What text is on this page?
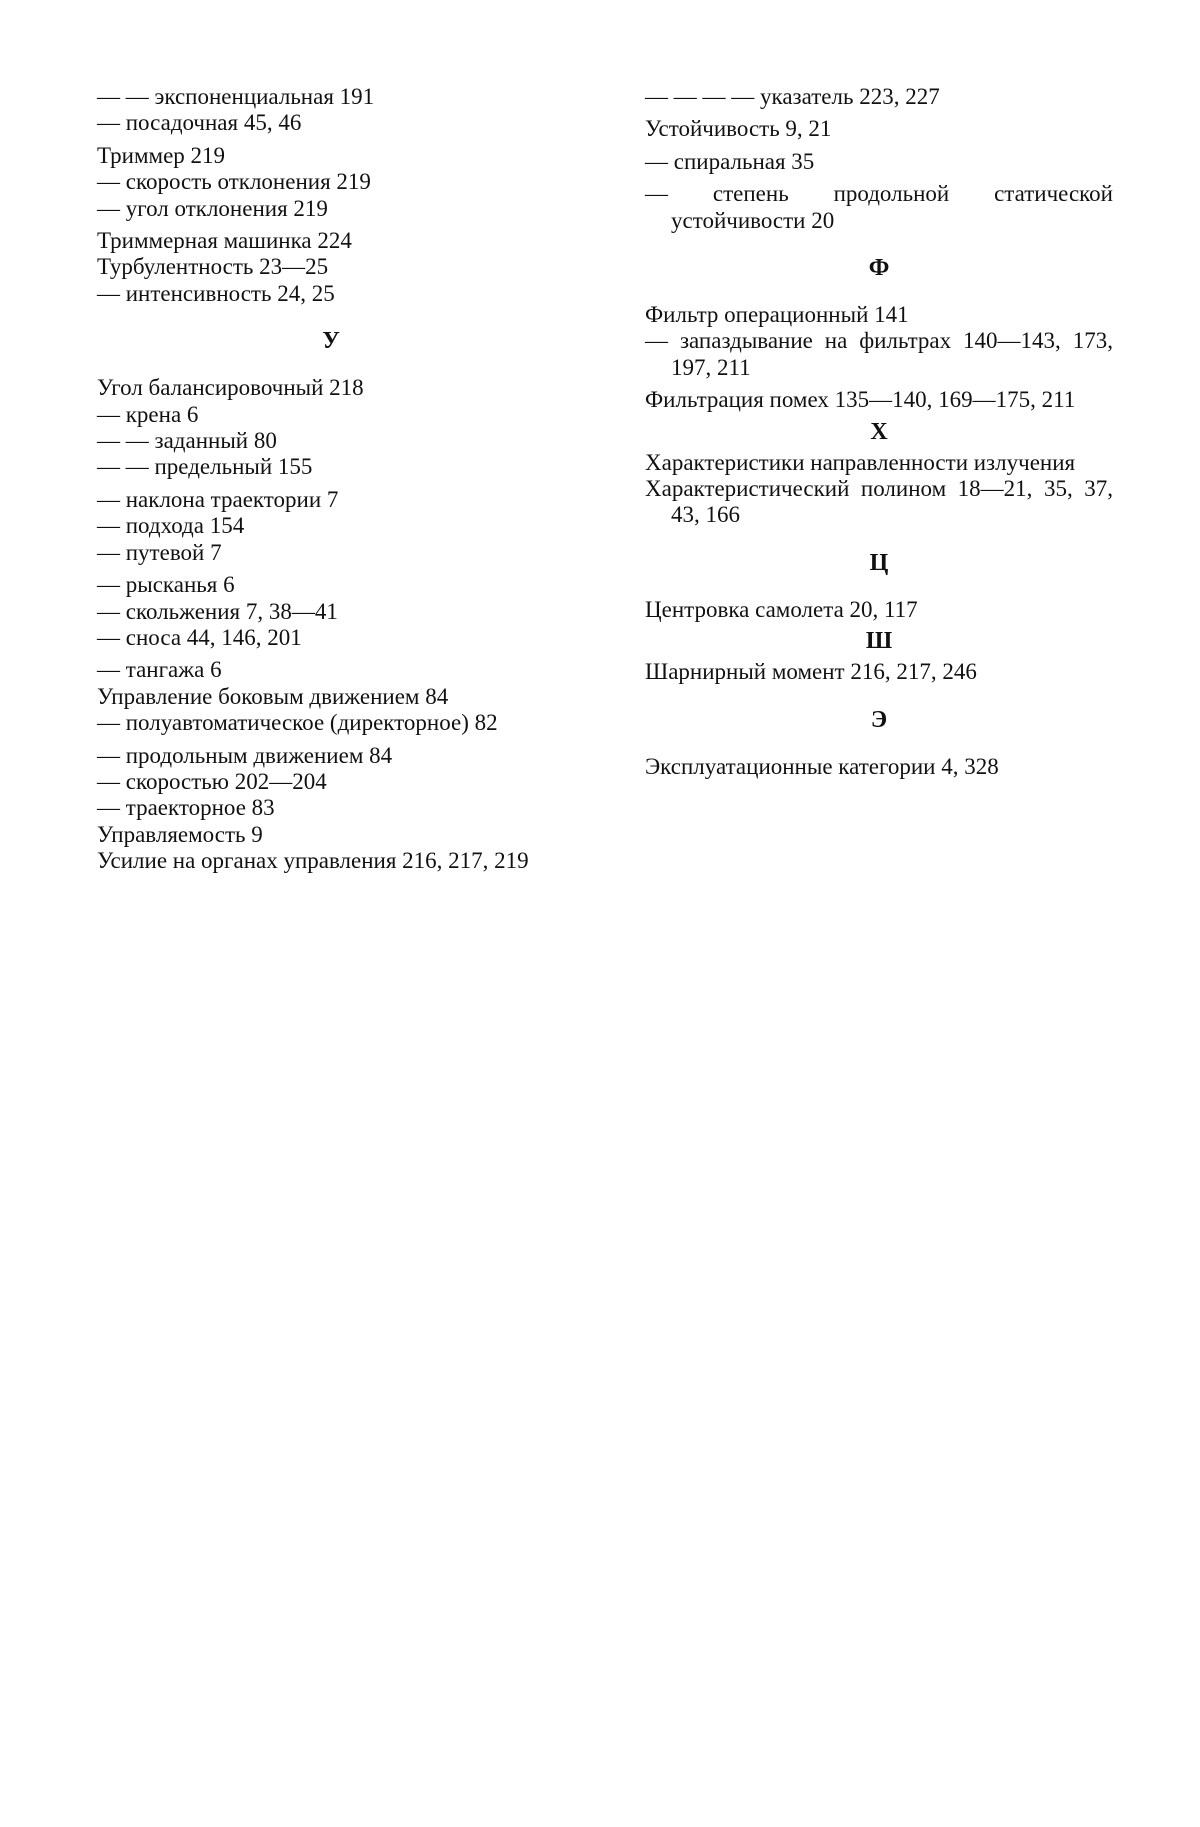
— — экспоненциальная 191

— посадочная 45, 46

Триммер 219

— скорость отклонения 219

— угол отклонения 219

Триммерная машинка 224

Турбулентность 23—25

— интенсивность 24, 25

У

Угол балансировочный 218

— крена 6

— — заданный 80

— — предельный 155

— наклона траектории 7

— подхода 154

— путевой 7

— рысканья 6

— скольжения 7, 38—41

— сноса 44, 146, 201

— тангажа 6

Управление боковым движением 84

— полуавтоматическое (директорное) 82

— продольным движением 84

— скоростью 202—204

— траекторное 83

Управляемость 9

Усилие на органах управления 216, 217, 219

— — — — указатель 223, 227

Устойчивость 9, 21

— спиральная 35

— степень продольной статической устойчивости 20

Ф

Фильтр операционный 141

— запаздывание на фильтрах 140—143, 173, 197, 211

Фильтрация помех 135—140, 169—175, 211

Х

Характеристики направленности излучения

Характеристический полином 18—21, 35, 37, 43, 166

Ц

Центровка самолета 20, 117

Ш

Шарнирный момент 216, 217, 246

Э

Эксплуатационные категории 4, 328
